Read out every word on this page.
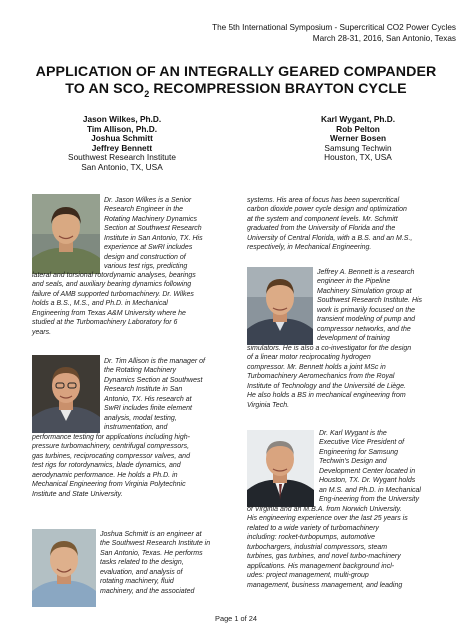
The 5th International Symposium - Supercritical CO2 Power Cycles
March 28-31, 2016, San Antonio, Texas
APPLICATION OF AN INTEGRALLY GEARED COMPANDER
TO AN $SCO_2$ RECOMPRESSION BRAYTON CYCLE
Jason Wilkes, Ph.D.
Tim Allison, Ph.D.
Joshua Schmitt
Jeffrey Bennett
Southwest Research Institute
San Antonio, TX, USA
Karl Wygant, Ph.D.
Rob Pelton
Werner Bosen
Samsung Techwin
Houston, TX, USA

Dr. Jason Wilkes is a Senior

Research Engineer in the

Rotating Machinery Dynamics

Section at Southwest Research

Institute in San Antonio, TX. His

experience at SwRI includes

design and construction of

various test rigs, predicting

lateral and torsional rotordynamic analyses, bearings

and seals, and auxiliary bearing dynamics following

failure of AMB supported turbomachinery. Dr. Wilkes

holds a B.S., M.S., and Ph.D. in Mechanical

Engineering from Texas A&M University where he

studied at the Turbomachinery Laboratory for 6

years.

Dr. Tim Allison is the manager of

the Rotating Machinery

Dynamics Section at Southwest

Research Institute in San

Antonio, TX. His research at

SwRI includes finite element

analysis, modal testing,

instrumentation, and

performance testing for applications including high-

pressure turbomachinery, centrifugal compressors,

gas turbines, reciprocating compressor valves, and

test rigs for rotordynamics, blade dynamics, and

aerodynamic performance. He holds a Ph.D. in

Mechanical Engineering from Virginia Polytechnic

Institute and State University.

Joshua Schmitt is an engineer at

the Southwest Research Institute in

San Antonio, Texas. He performs

tasks related to the design,

evaluation, and analysis of

rotating machinery, fluid

machinery, and the associated

systems. His area of focus has been supercritical

carbon dioxide power cycle design and optimization

at the system and component levels. Mr. Schmitt

graduated from the University of Florida and the

University of Central Florida, with a B.S. and an M.S.,

respectively, in Mechanical Engineering.

Jeffrey A. Bennett is a research

engineer in the Pipeline

Machinery Simulation group at

Southwest Research Institute. His

work is primarily focused on the

transient modeling of pump and

compressor networks, and the

development of training

simulators. He is also a co-investigator for the design

of a linear motor reciprocating hydrogen

compressor. Mr. Bennett holds a joint MSc in

Turbomachinery Aeromechanics from the Royal

Institute of Technology and the Université de Liège.

He also holds a BS in mechanical engineering from

Virginia Tech.

Dr. Karl Wygant is the

Executive Vice President of

Engineering for Samsung

Techwin's Design and

Development Center located in

Houston, TX. Dr. Wygant holds

an M.S. and Ph.D. in Mechanical

Eng-ineering from the University

of Virginia and an M.B.A. from Norwich University.

His engineering experience over the last 25 years is

related to a wide variety of turbomachinery

including: rocket-turbopumps, automotive

turbochargers, industrial compressors, steam

turbines, gas turbines, and novel turbo-machinery

applications. His management background incl-

udes: project management, multi-group

management, business management, and leading

Page 1 of 24
